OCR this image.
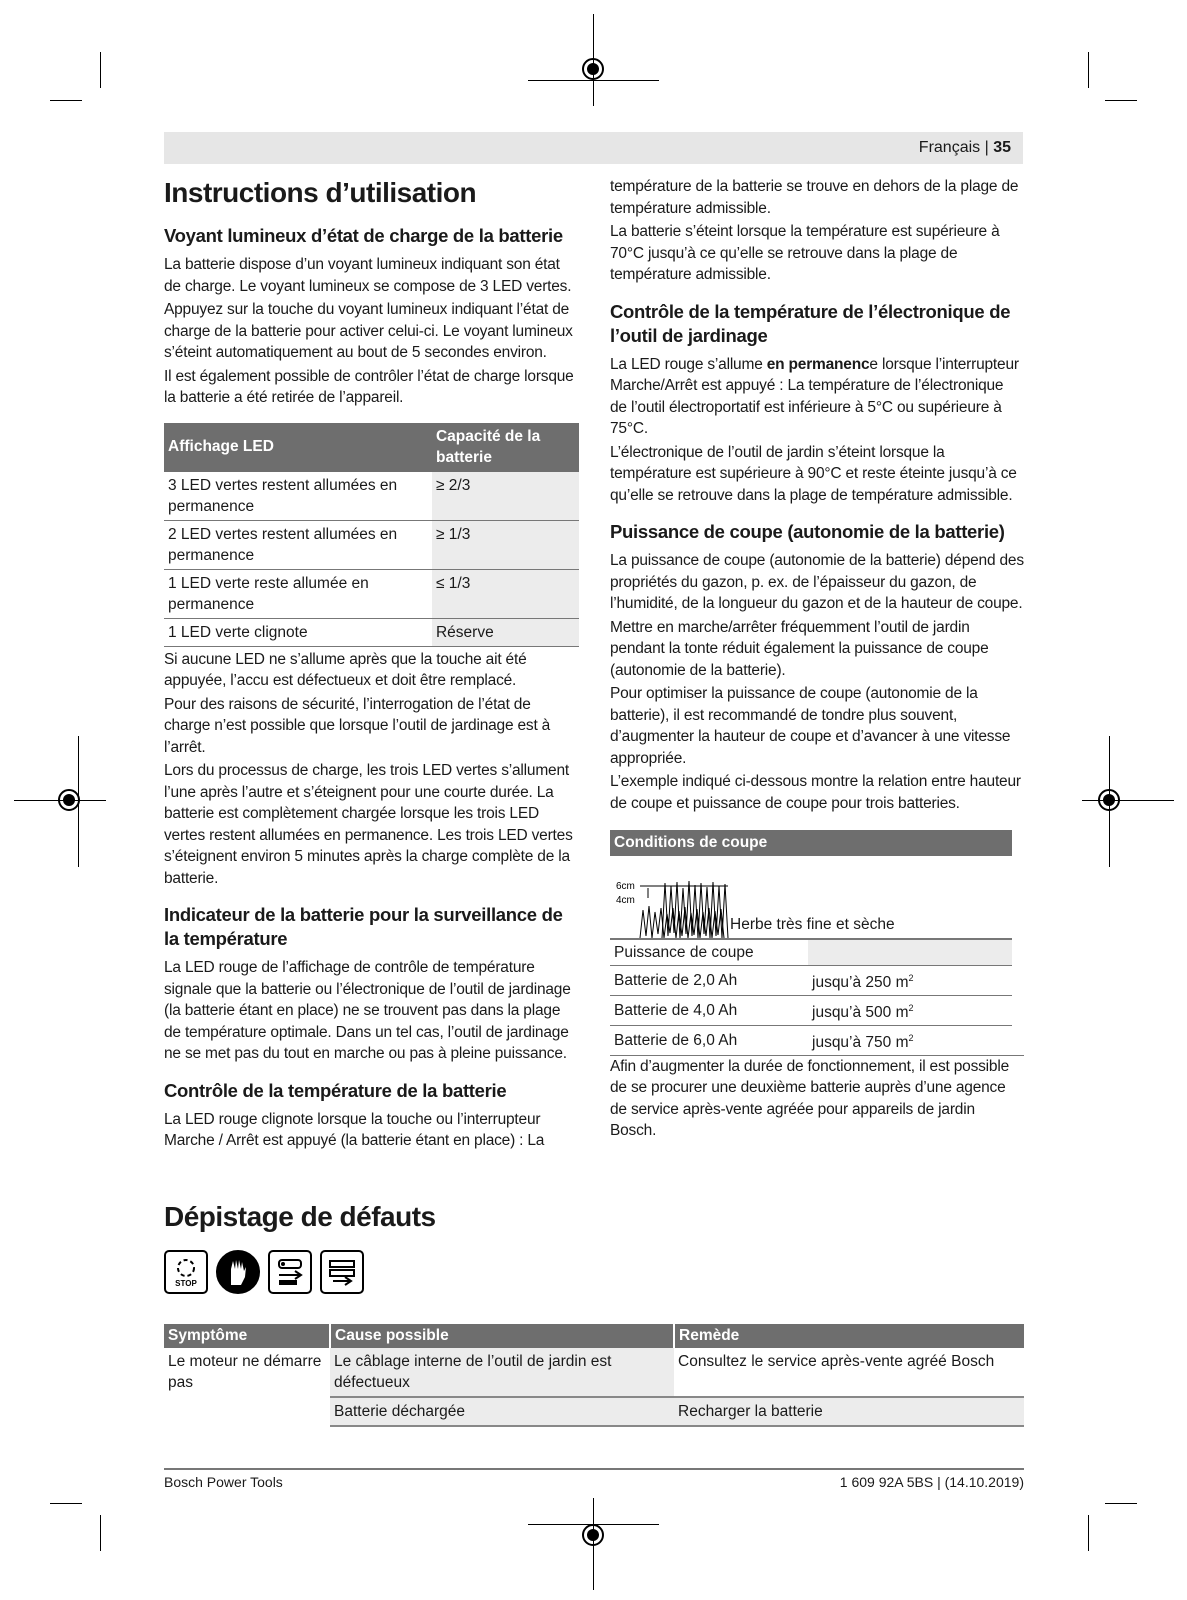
Français | 35
Instructions d’utilisation
Voyant lumineux d’état de charge de la batterie

La batterie dispose d’un voyant lumineux indiquant son état de charge. Le voyant lumineux se compose de 3 LED vertes.

Appuyez sur la touche du voyant lumineux indiquant l’état de charge de la batterie pour activer celui-ci. Le voyant lumineux s’éteint automatiquement au bout de 5 secondes environ.

Il est également possible de contrôler l’état de charge lorsque la batterie a été retirée de l’appareil.

Affichage LED	Capacité de la batterie
3 LED vertes restent allumées en permanence	≥ 2/3
2 LED vertes restent allumées en permanence	≥ 1/3
1 LED verte reste allumée en permanence	≤ 1/3
1 LED verte clignote	Réserve

Si aucune LED ne s’allume après que la touche ait été appuyée, l’accu est défectueux et doit être remplacé.

Pour des raisons de sécurité, l’interrogation de l’état de charge n’est possible que lorsque l’outil de jardinage est à l’arrêt.

Lors du processus de charge, les trois LED vertes s’allument l’une après l’autre et s’éteignent pour une courte durée. La batterie est complètement chargée lorsque les trois LED vertes restent allumées en permanence. Les trois LED vertes s’éteignent environ 5 minutes après la charge complète de la batterie.

Indicateur de la batterie pour la surveillance de la température

La LED rouge de l’affichage de contrôle de température signale que la batterie ou l’électronique de l’outil de jardinage (la batterie étant en place) ne se trouvent pas dans la plage de température optimale. Dans un tel cas, l’outil de jardinage ne se met pas du tout en marche ou pas à pleine puissance.

Contrôle de la température de la batterie

La LED rouge clignote lorsque la touche ou l’interrupteur Marche / Arrêt est appuyé (la batterie étant en place) : La

température de la batterie se trouve en dehors de la plage de température admissible.

La batterie s’éteint lorsque la température est supérieure à 70°C jusqu’à ce qu’elle se retrouve dans la plage de température admissible.

Contrôle de la température de l’électronique de l’outil de jardinage

La LED rouge s’allume en permanence lorsque l’interrupteur Marche/Arrêt est appuyé : La température de l’électronique de l’outil électroportatif est inférieure à 5°C ou supérieure à 75°C.

L’électronique de l’outil de jardin s’éteint lorsque la température est supérieure à 90°C et reste éteinte jusqu’à ce qu’elle se retrouve dans la plage de température admissible.

Puissance de coupe (autonomie de la batterie)

La puissance de coupe (autonomie de la batterie) dépend des propriétés du gazon, p. ex. de l’épaisseur du gazon, de l’humidité, de la longueur du gazon et de la hauteur de coupe.

Mettre en marche/arrêter fréquemment l’outil de jardin pendant la tonte réduit également la puissance de coupe (autonomie de la batterie).

Pour optimiser la puissance de coupe (autonomie de la batterie), il est recommandé de tondre plus souvent, d’augmenter la hauteur de coupe et d’avancer à une vitesse appropriée.

L’exemple indiqué ci-dessous montre la relation entre hauteur de coupe et puissance de coupe pour trois batteries.

Conditions de coupe
6cm
4cm
Herbe très fine et sèche
Puissance de coupe	
Batterie de 2,0 Ah	jusqu’à 250 $m^2$
Batterie de 4,0 Ah	jusqu’à 500 $m^2$
Batterie de 6,0 Ah	jusqu’à 750 $m^2$

Afin d’augmenter la durée de fonctionnement, il est possible de se procurer une deuxième batterie auprès d’une agence de service après-vente agréée pour appareils de jardin Bosch.

Dépistage de défauts
STOP
Symptôme	Cause possible	Remède
Le moteur ne démarre pas	Le câblage interne de l’outil de jardin est défectueux	Consultez le service après-vente agréé Bosch
	Batterie déchargée	Recharger la batterie
Bosch Power Tools	1 609 92A 5BS | (14.10.2019)
